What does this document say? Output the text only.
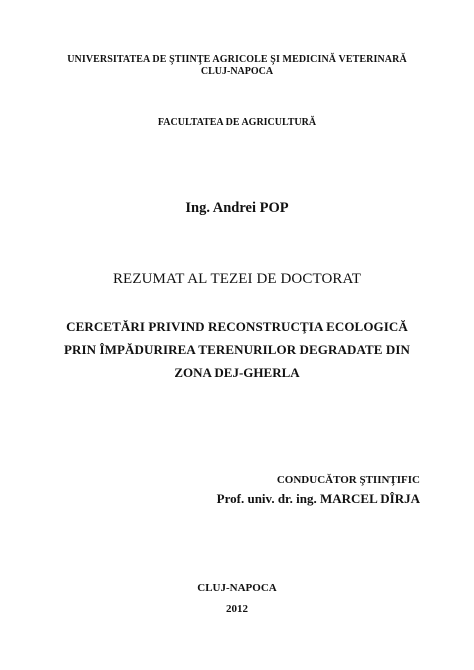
UNIVERSITATEA DE ŞTIINŢE AGRICOLE ŞI MEDICINĂ VETERINARĂ
CLUJ-NAPOCA
FACULTATEA DE AGRICULTURĂ
Ing. Andrei POP
REZUMAT AL TEZEI DE DOCTORAT
CERCETĂRI PRIVIND RECONSTRUCŢIA ECOLOGICĂ
PRIN ÎMPĂDURIREA TERENURILOR DEGRADATE DIN
ZONA DEJ-GHERLA
CONDUCĂTOR ŞTIINŢIFIC
Prof. univ. dr. ing. MARCEL DÎRJA
CLUJ-NAPOCA
2012
